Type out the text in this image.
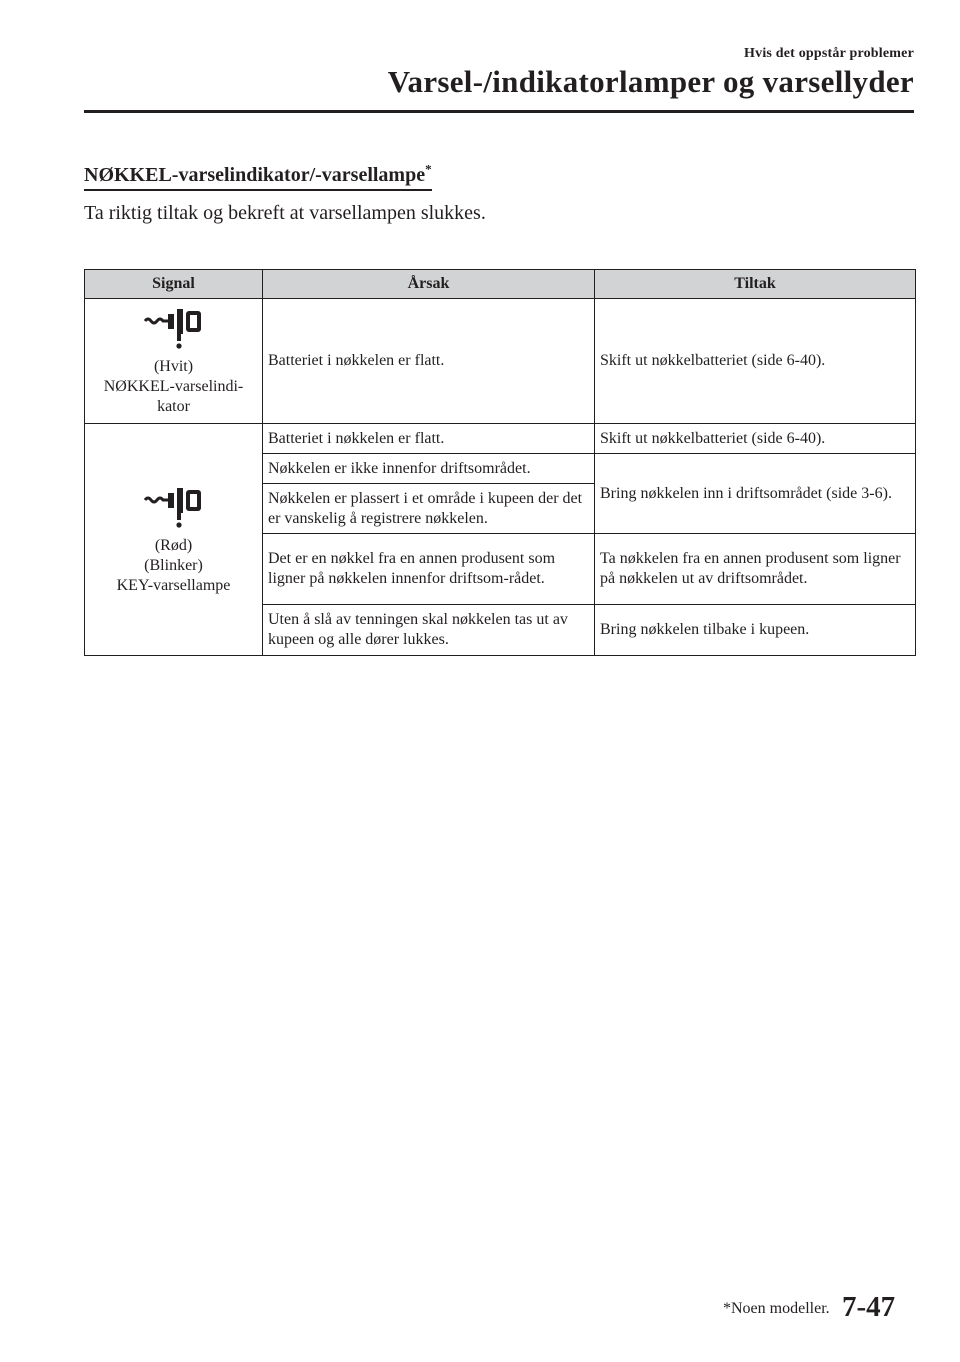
Hvis det oppstår problemer
Varsel-/indikatorlamper og varsellyder
NØKKEL-varselindikator/-varsellampe*
Ta riktig tiltak og bekreft at varsellampen slukkes.
Signal	Årsak	Tiltak

(Hvit)
NØKKEL-varselindi-
kator	Batteriet i nøkkelen er flatt.	Skift ut nøkkelbatteriet (side 6-40).

(Rød)
(Blinker)
KEY-varsellampe	Batteriet i nøkkelen er flatt.	Skift ut nøkkelbatteriet (side 6-40).
	Nøkkelen er ikke innenfor driftsområdet.	Bring nøkkelen inn i driftsområdet (side 3-6).
	Nøkkelen er plassert i et område i kupeen der det er vanskelig å registrere nøkkelen.	
	Det er en nøkkel fra en annen produsent som ligner på nøkkelen innenfor driftsom-rådet.	Ta nøkkelen fra en annen produsent som ligner på nøkkelen ut av driftsområdet.
	Uten å slå av tenningen skal nøkkelen tas ut av kupeen og alle dører lukkes.	Bring nøkkelen tilbake i kupeen.
*Noen modeller. 7-47
